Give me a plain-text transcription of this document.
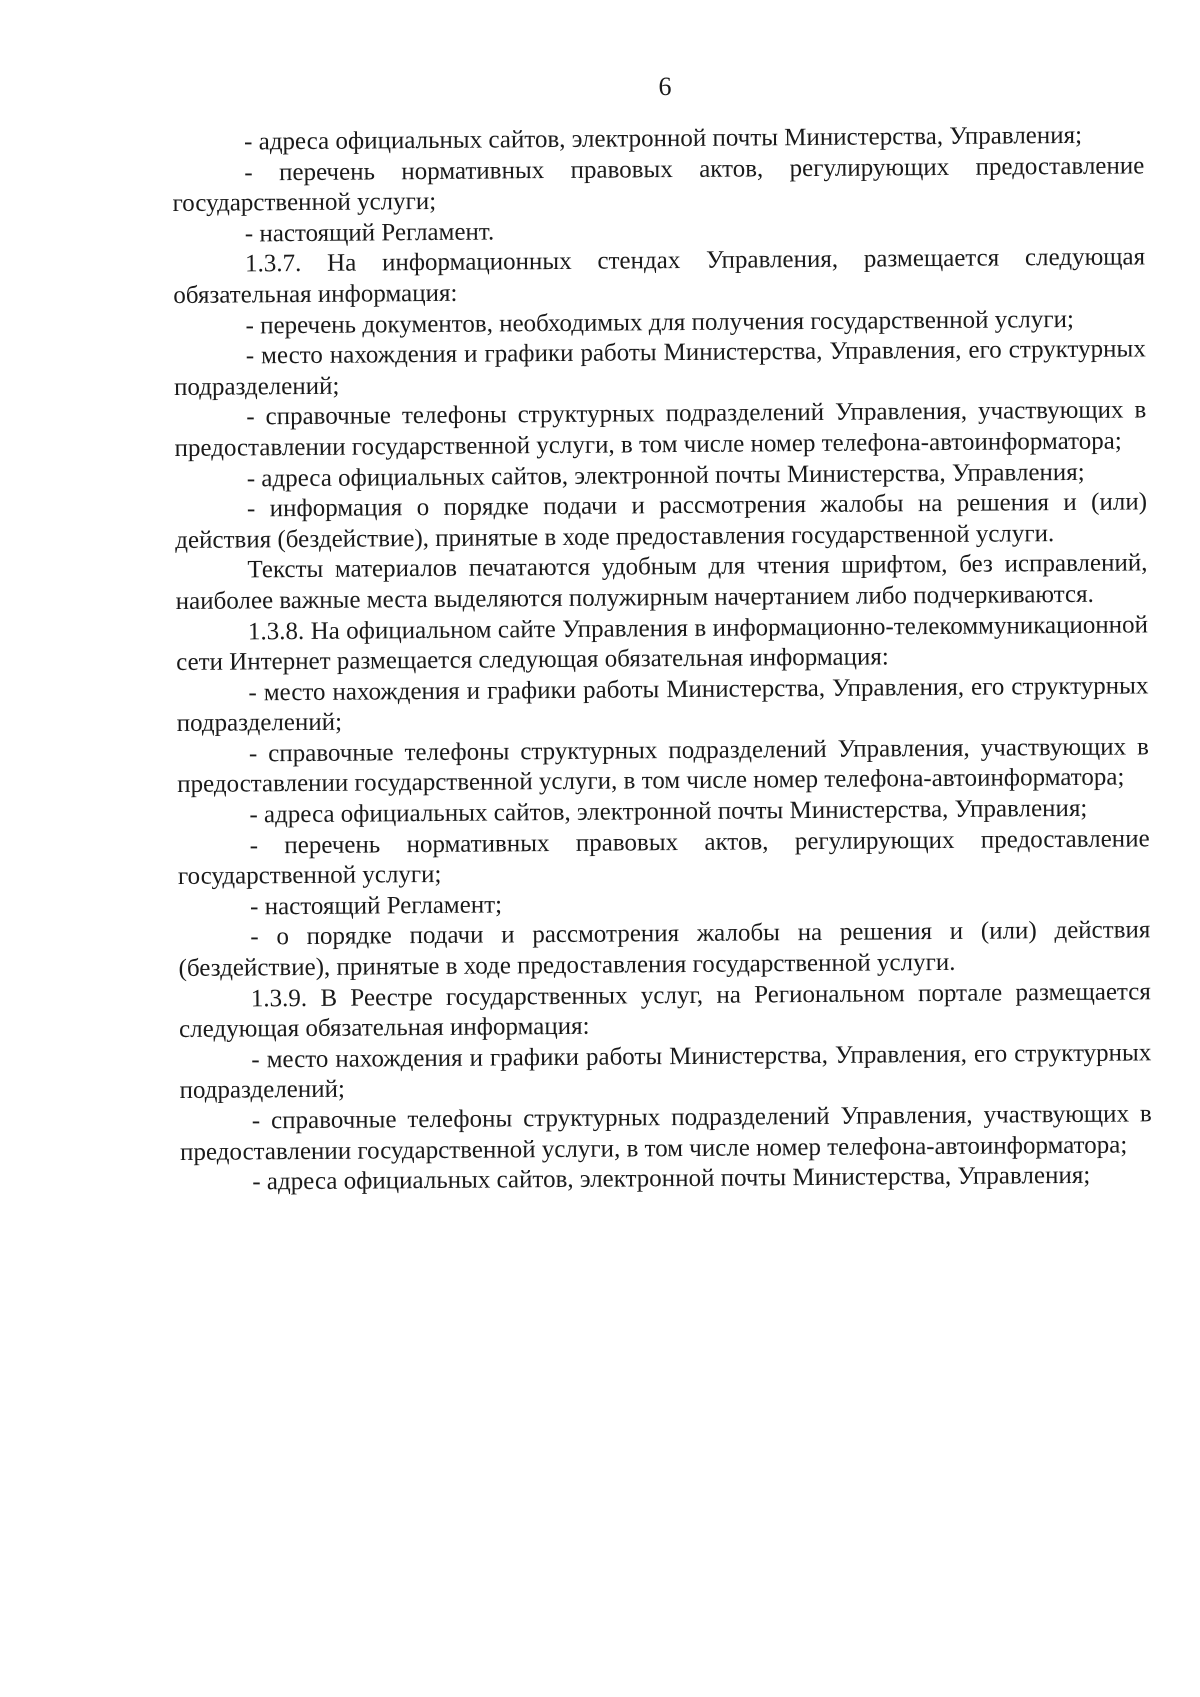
6

- адреса официальных сайтов, электронной почты Министерства, Управления;

- перечень нормативных правовых актов, регулирующих предоставление государственной услуги;

- настоящий Регламент.

1.3.7. На информационных стендах Управления, размещается следующая обязательная информация:

- перечень документов, необходимых для получения государственной услуги;

- место нахождения и графики работы Министерства, Управления, его структурных подразделений;

- справочные телефоны структурных подразделений Управления, участвующих в предоставлении государственной услуги, в том числе номер телефона-автоинформатора;

- адреса официальных сайтов, электронной почты Министерства, Управления;

- информация о порядке подачи и рассмотрения жалобы на решения и (или) действия (бездействие), принятые в ходе предоставления государственной услуги.

Тексты материалов печатаются удобным для чтения шрифтом, без исправлений, наиболее важные места выделяются полужирным начертанием либо подчеркиваются.

1.3.8. На официальном сайте Управления в информационно-телекоммуникационной сети Интернет размещается следующая обязательная информация:

- место нахождения и графики работы Министерства, Управления, его структурных подразделений;

- справочные телефоны структурных подразделений Управления, участвующих в предоставлении государственной услуги, в том числе номер телефона-автоинформатора;

- адреса официальных сайтов, электронной почты Министерства, Управления;

- перечень нормативных правовых актов, регулирующих предоставление государственной услуги;

- настоящий Регламент;

- о порядке подачи и рассмотрения жалобы на решения и (или) действия (бездействие), принятые в ходе предоставления государственной услуги.

1.3.9. В Реестре государственных услуг, на Региональном портале размещается следующая обязательная информация:

- место нахождения и графики работы Министерства, Управления, его структурных подразделений;

- справочные телефоны структурных подразделений Управления, участвующих в предоставлении государственной услуги, в том числе номер телефона-автоинформатора;

- адреса официальных сайтов, электронной почты Министерства, Управления;
